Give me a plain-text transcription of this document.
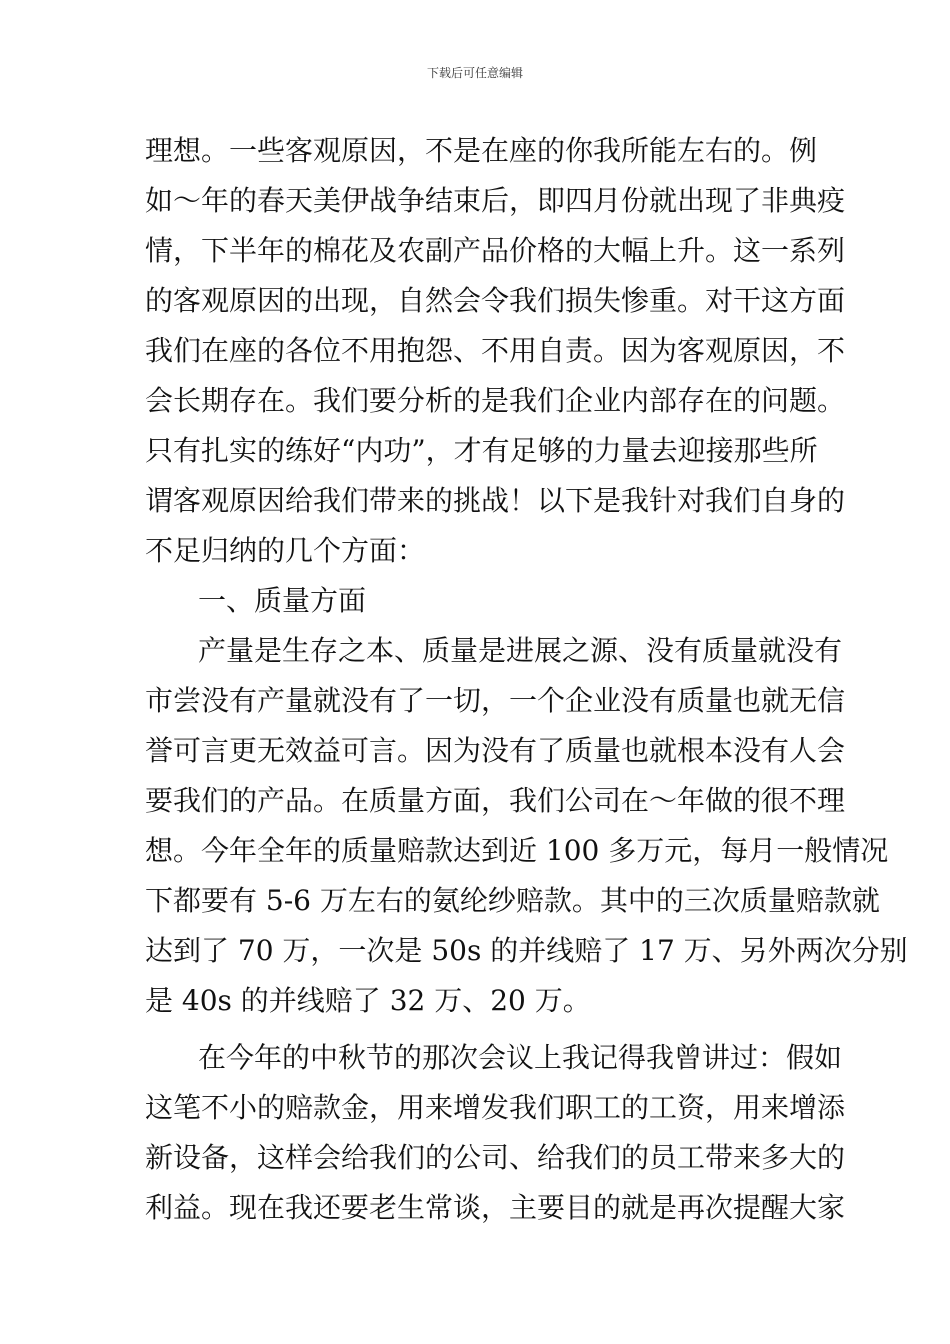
下载后可任意编辑
理想。一些客观原因，不是在座的你我所能左右的。例
如～年的春天美伊战争结束后，即四月份就出现了非典疫
情，下半年的棉花及农副产品价格的大幅上升。这一系列
的客观原因的出现，自然会令我们损失惨重。对干这方面
我们在座的各位不用抱怨、不用自责。因为客观原因，不
会长期存在。我们要分析的是我们企业内部存在的问题。
只有扎实的练好“内功”，才有足够的力量去迎接那些所
谓客观原因给我们带来的挑战！以下是我针对我们自身的
不足归纳的几个方面：
一、质量方面
产量是生存之本、质量是进展之源、没有质量就没有
市尝没有产量就没有了一切，一个企业没有质量也就无信
誉可言更无效益可言。因为没有了质量也就根本没有人会
要我们的产品。在质量方面，我们公司在～年做的很不理
想。今年全年的质量赔款达到近 100 多万元，每月一般情况
下都要有 5-6 万左右的氨纶纱赔款。其中的三次质量赔款就
达到了 70 万，一次是 50s 的并线赔了 17 万、另外两次分别
是 40s 的并线赔了 32 万、20 万。
在今年的中秋节的那次会议上我记得我曾讲过：假如
这笔不小的赔款金，用来增发我们职工的工资，用来增添
新设备，这样会给我们的公司、给我们的员工带来多大的
利益。现在我还要老生常谈，主要目的就是再次提醒大家
